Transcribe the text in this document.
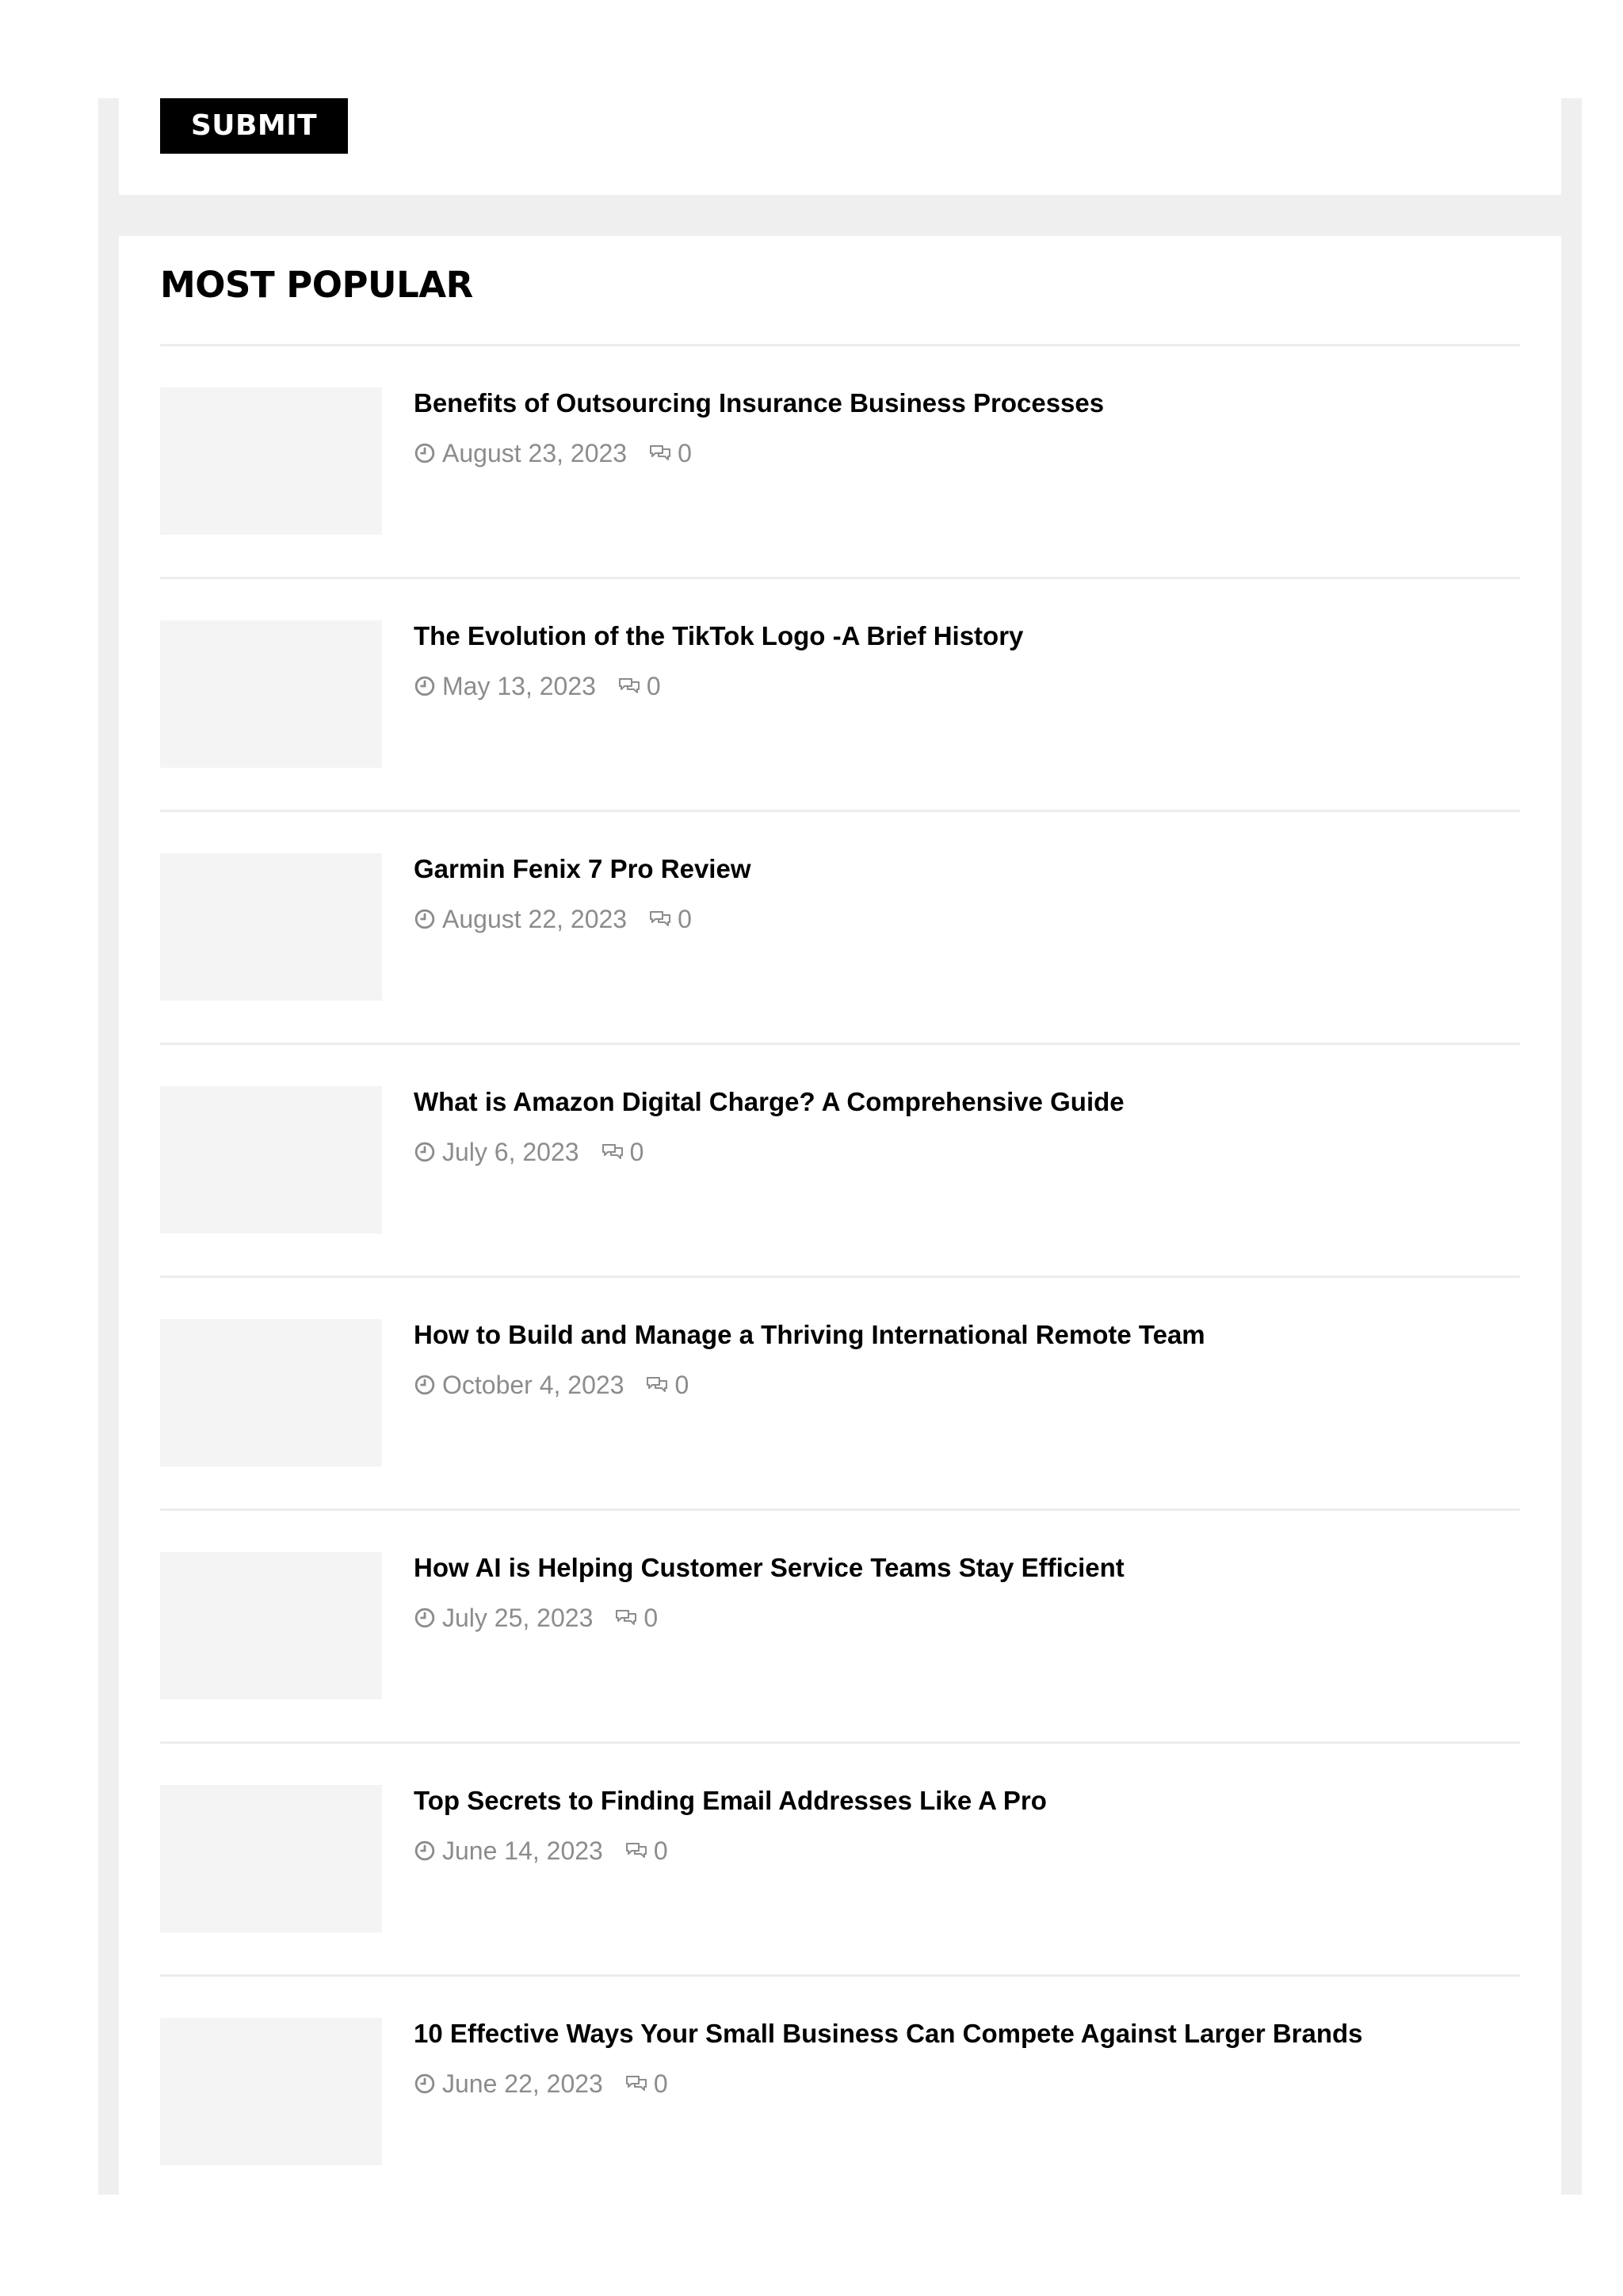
SUBMIT
MOST POPULAR
Benefits of Outsourcing Insurance Business Processes
August 23, 2023 0
The Evolution of the TikTok Logo -A Brief History
May 13, 2023 0
Garmin Fenix 7 Pro Review
August 22, 2023 0
What is Amazon Digital Charge? A Comprehensive Guide
July 6, 2023 0
How to Build and Manage a Thriving International Remote Team
October 4, 2023 0
How AI is Helping Customer Service Teams Stay Efficient
July 25, 2023 0
Top Secrets to Finding Email Addresses Like A Pro
June 14, 2023 0
10 Effective Ways Your Small Business Can Compete Against Larger Brands
June 22, 2023 0
